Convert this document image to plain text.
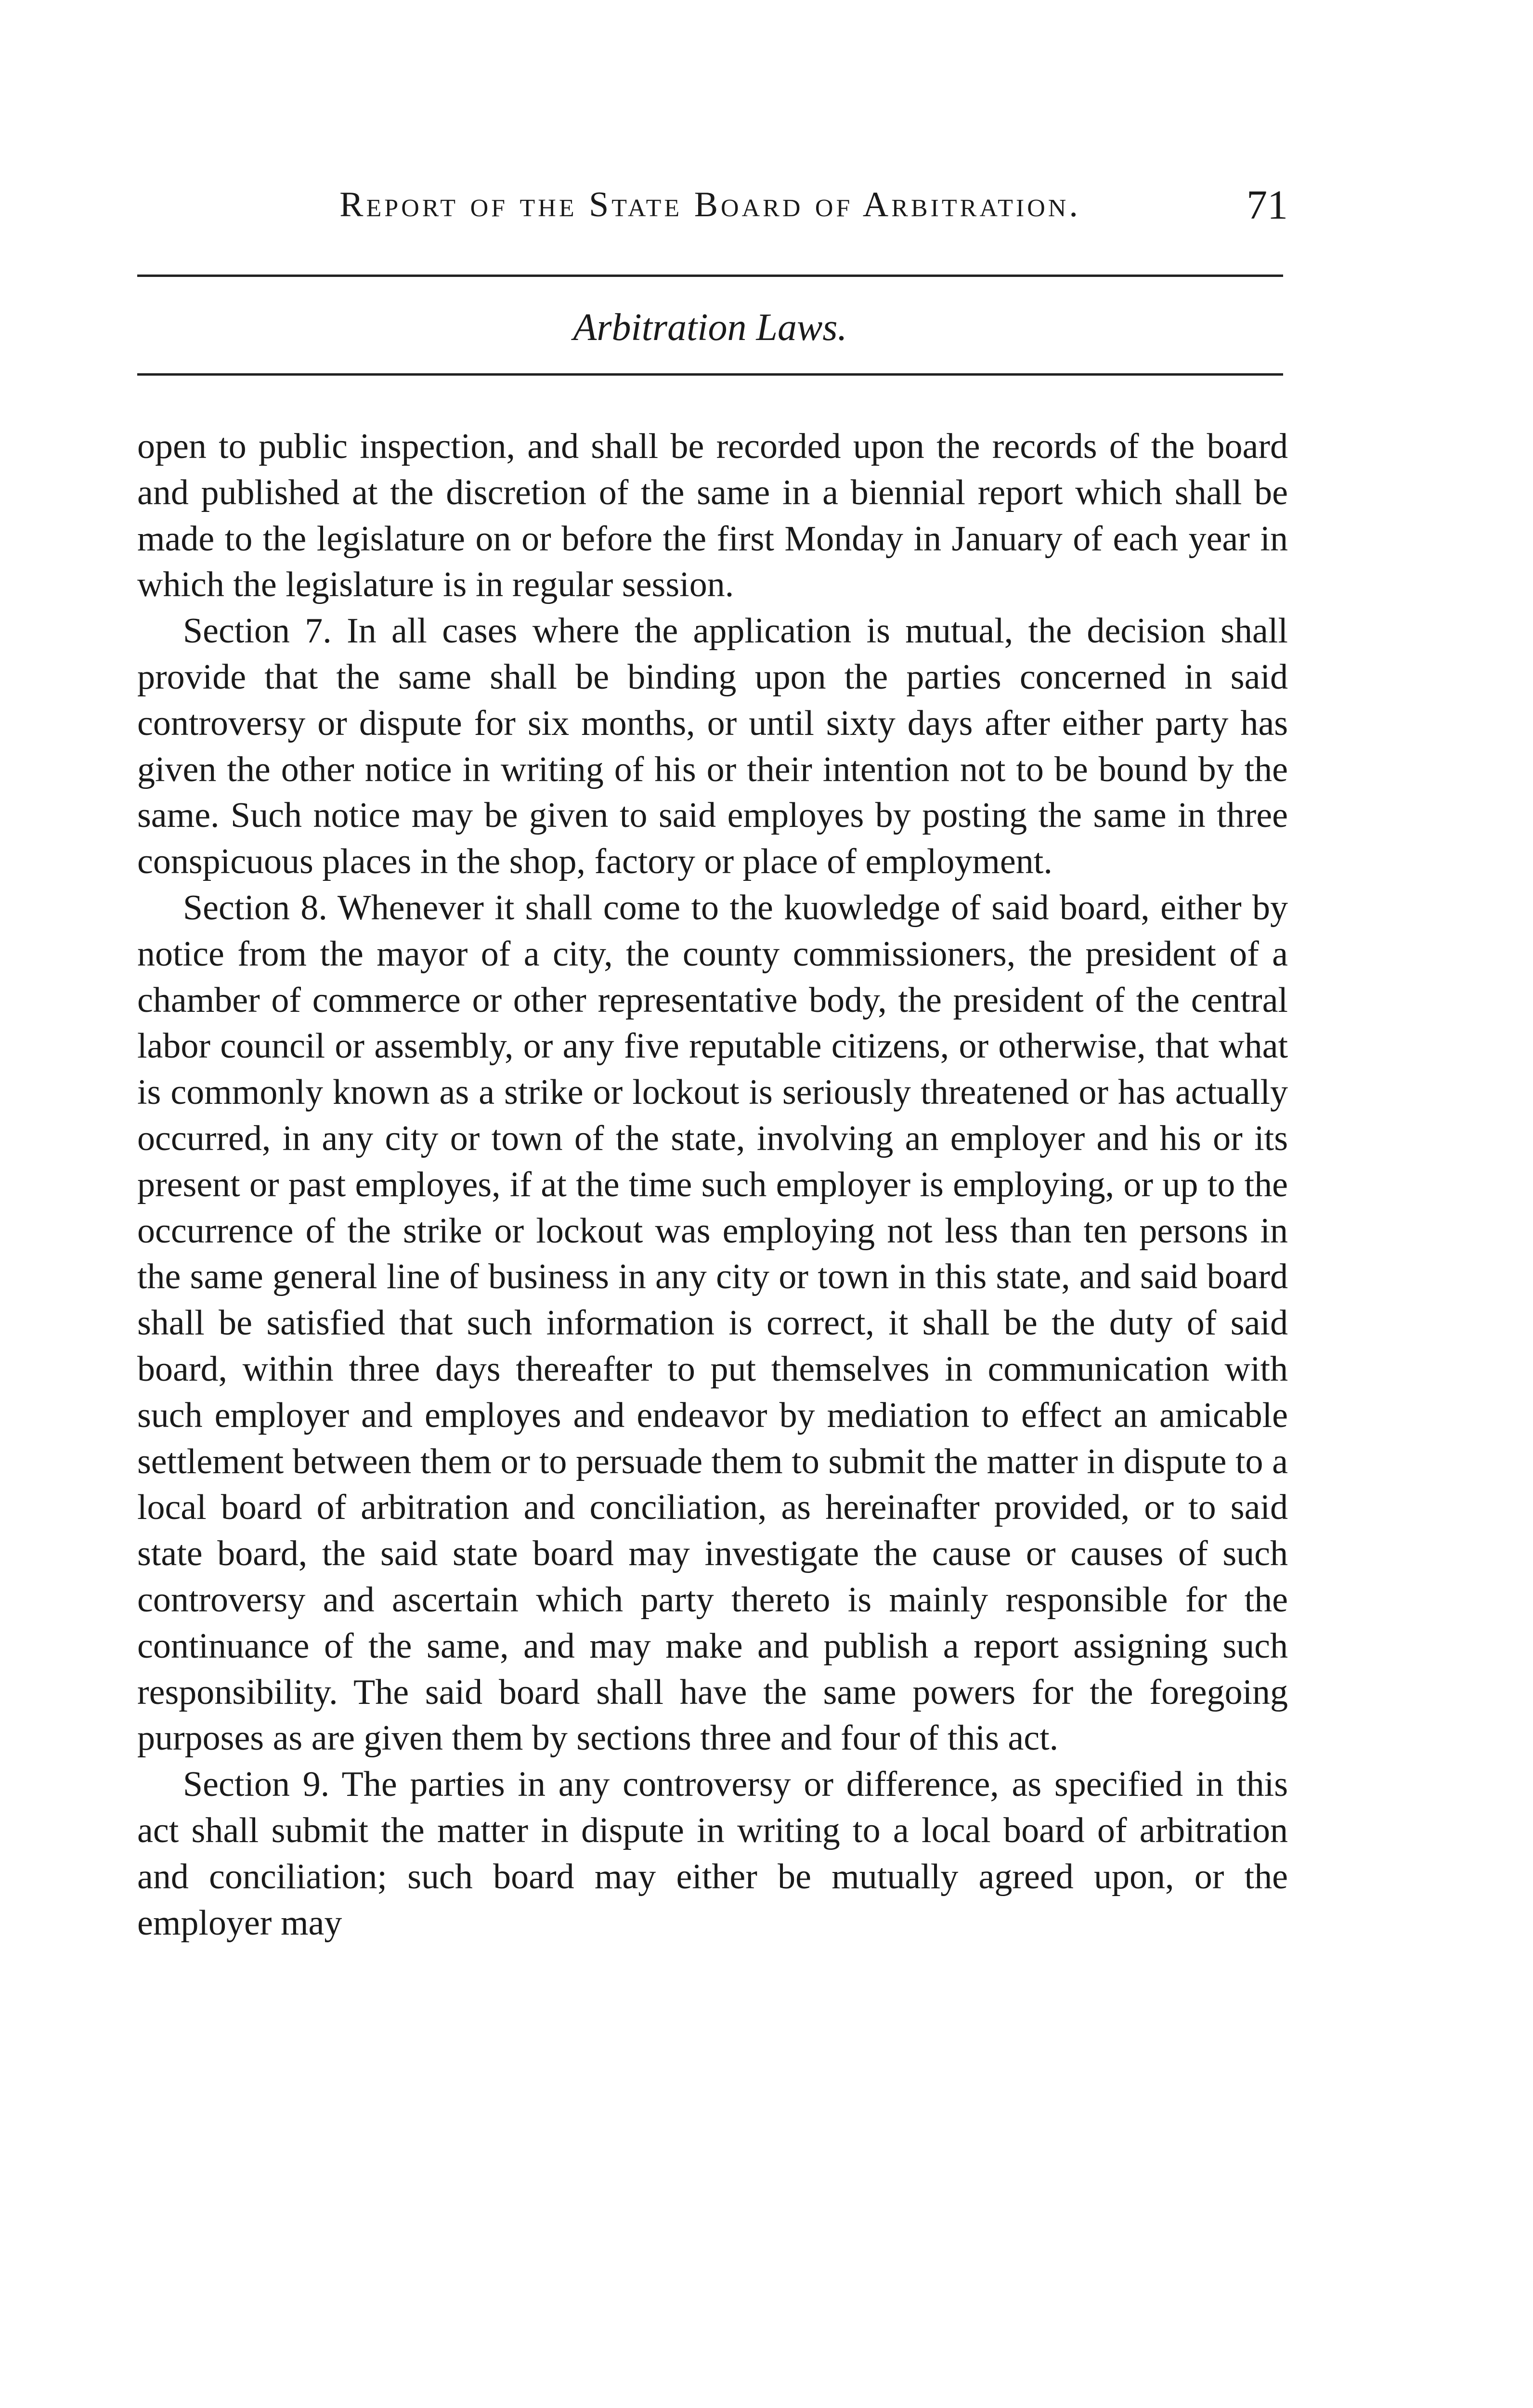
Report of the State Board of Arbitration.	71
Arbitration Laws.

open to public inspection, and shall be recorded upon the records of the board and published at the discretion of the same in a biennial report which shall be made to the legislature on or before the first Monday in January of each year in which the legislature is in regular session.

Section 7. In all cases where the application is mutual, the decision shall provide that the same shall be binding upon the parties concerned in said controversy or dispute for six months, or until sixty days after either party has given the other notice in writing of his or their intention not to be bound by the same. Such notice may be given to said employes by posting the same in three conspicuous places in the shop, factory or place of employment.

Section 8. Whenever it shall come to the kuowledge of said board, either by notice from the mayor of a city, the county commissioners, the president of a chamber of commerce or other representative body, the president of the central labor council or assembly, or any five reputable citizens, or otherwise, that what is commonly known as a strike or lockout is seriously threatened or has actually occurred, in any city or town of the state, involving an employer and his or its present or past employes, if at the time such employer is employing, or up to the occurrence of the strike or lockout was employing not less than ten persons in the same general line of business in any city or town in this state, and said board shall be satisfied that such information is correct, it shall be the duty of said board, within three days thereafter to put themselves in communication with such employer and employes and endeavor by mediation to effect an amicable settlement between them or to persuade them to submit the matter in dispute to a local board of arbitration and conciliation, as hereinafter provided, or to said state board, the said state board may investigate the cause or causes of such controversy and ascertain which party thereto is mainly responsible for the continuance of the same, and may make and publish a report assigning such responsibility. The said board shall have the same powers for the foregoing purposes as are given them by sections three and four of this act.

Section 9. The parties in any controversy or difference, as specified in this act shall submit the matter in dispute in writing to a local board of arbitration and conciliation; such board may either be mutually agreed upon, or the employer may
